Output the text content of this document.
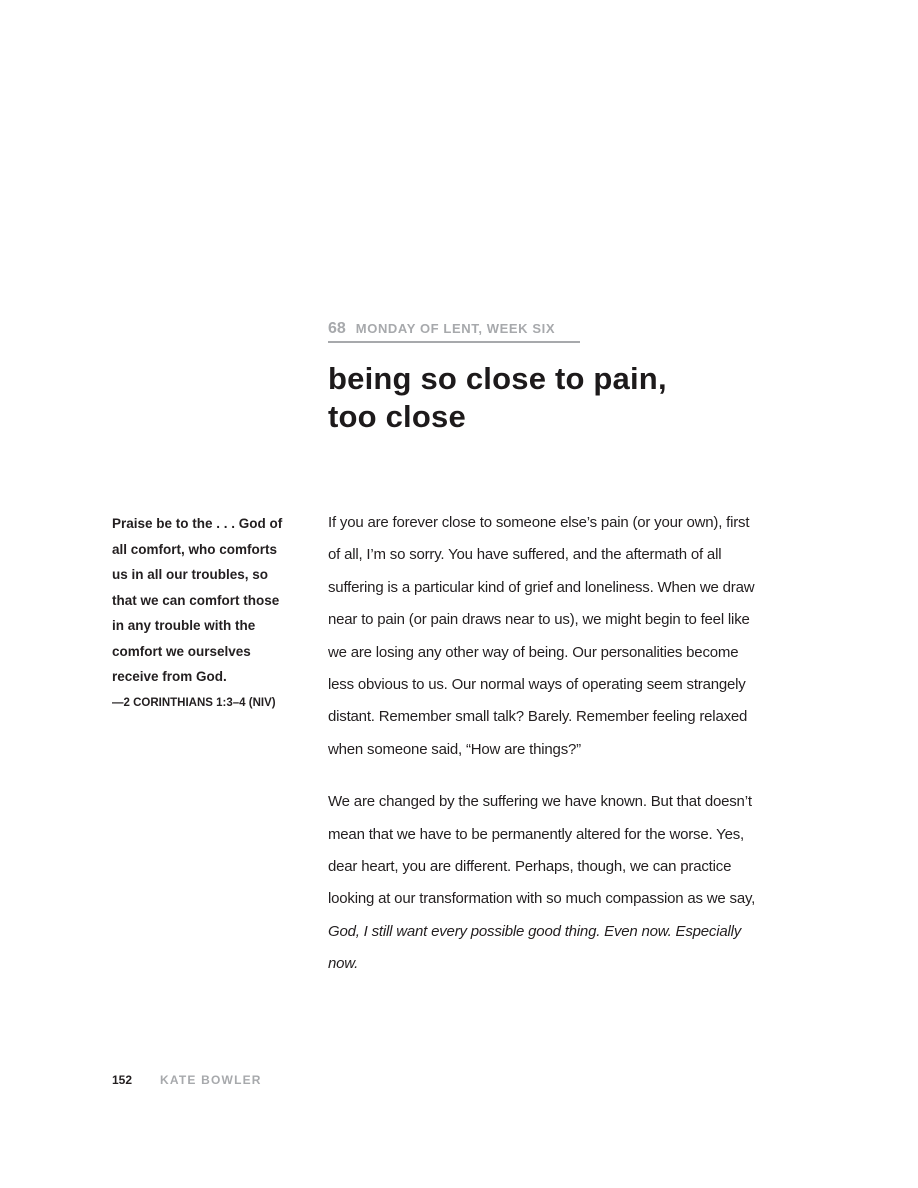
68 MONDAY OF LENT, WEEK SIX
being so close to pain,
too close
Praise be to the . . . God of
all comfort, who comforts
us in all our troubles, so
that we can comfort those
in any trouble with the
comfort we ourselves
receive from God.
—2 CORINTHIANS 1:3–4 (NIV)

If you are forever close to someone else’s pain (or your own), first
of all, I’m so sorry. You have suffered, and the aftermath of all
suffering is a particular kind of grief and loneliness. When we draw
near to pain (or pain draws near to us), we might begin to feel like
we are losing any other way of being. Our personalities become
less obvious to us. Our normal ways of operating seem strangely
distant. Remember small talk? Barely. Remember feeling relaxed
when someone said, “How are things?”

We are changed by the suffering we have known. But that doesn’t
mean that we have to be permanently altered for the worse. Yes,
dear heart, you are different. Perhaps, though, we can practice
looking at our transformation with so much compassion as we say,
God, I still want every possible good thing. Even now. Especially
now.

152 KATE BOWLER
